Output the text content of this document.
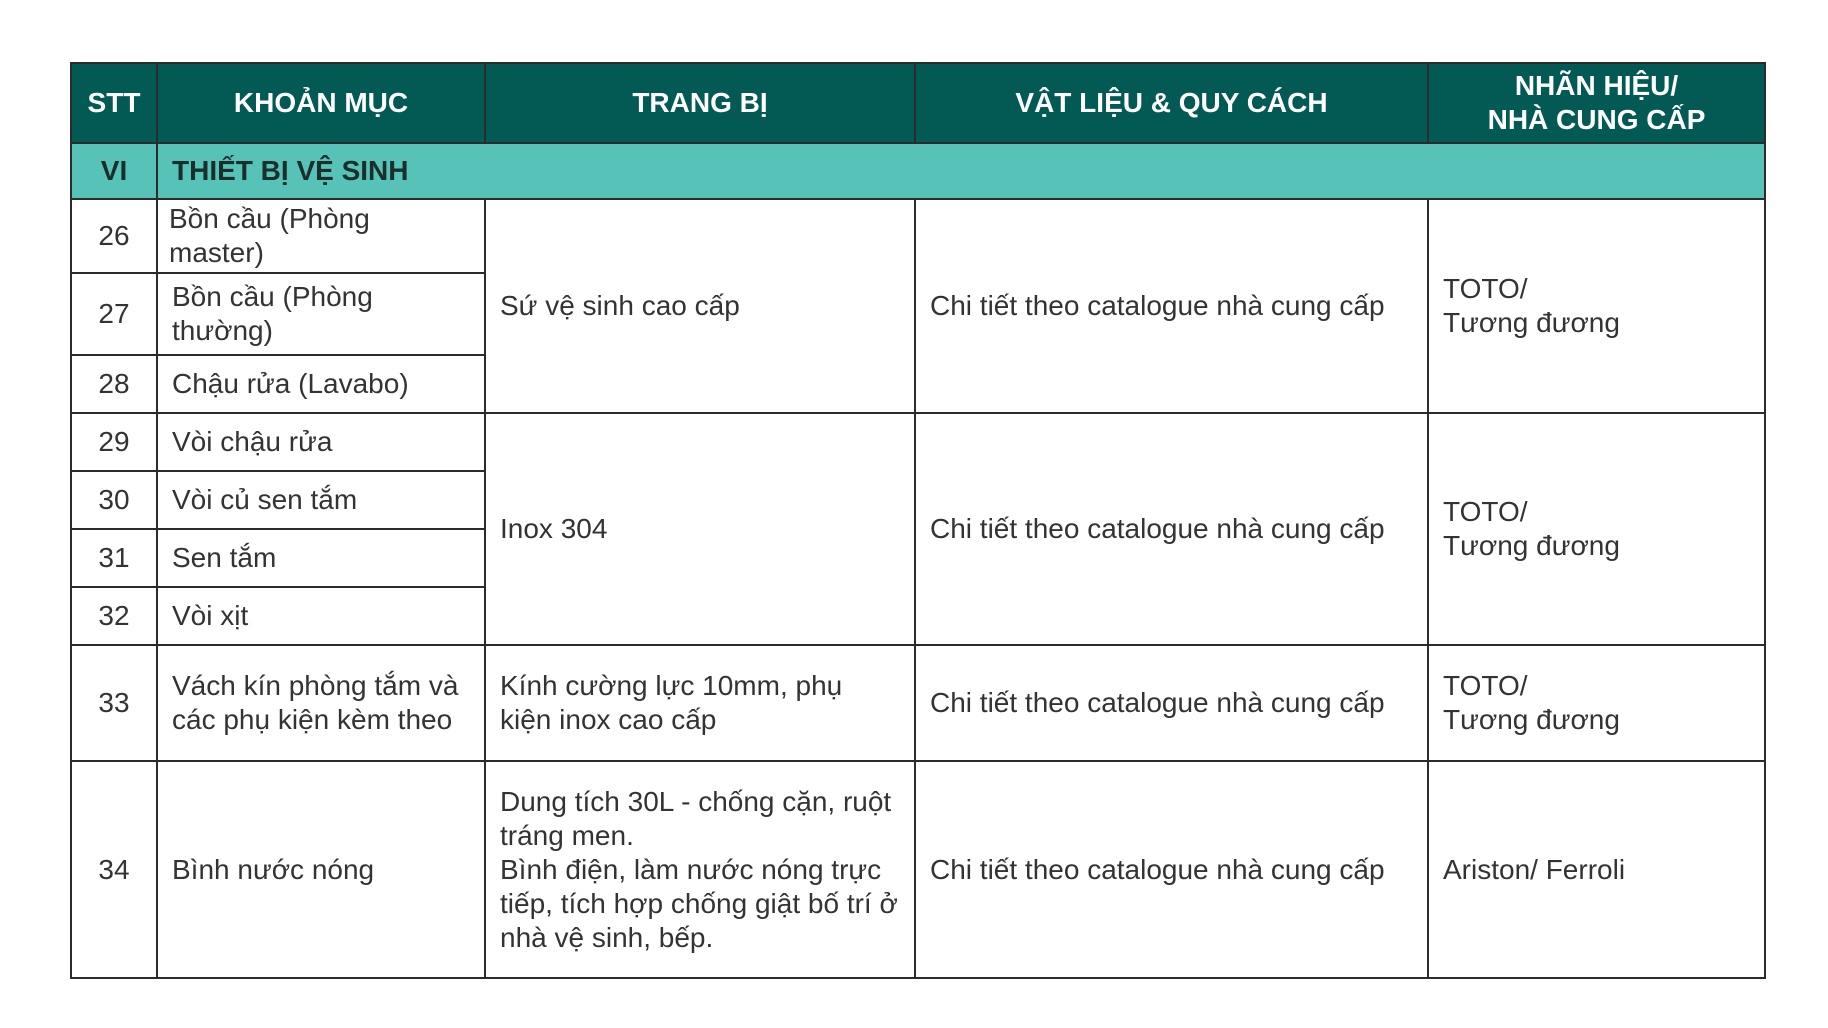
STT	KHOẢN MỤC	TRANG BỊ	VẬT LIỆU & QUY CÁCH	NHÃN HIỆU/
NHÀ CUNG CẤP
VI	THIẾT BỊ VỆ SINH			
26	Bồn cầu (Phòng master)	Sứ vệ sinh cao cấp	Chi tiết theo catalogue nhà cung cấp	TOTO/
Tương đương
27	Bồn cầu (Phòng thường)			
28	Chậu rửa (Lavabo)			
29	Vòi chậu rửa	Inox 304	Chi tiết theo catalogue nhà cung cấp	TOTO/
Tương đương
30	Vòi củ sen tắm			
31	Sen tắm			
32	Vòi xịt			
33	Vách kín phòng tắm và các phụ kiện kèm theo	Kính cường lực 10mm, phụ kiện inox cao cấp	Chi tiết theo catalogue nhà cung cấp	TOTO/
Tương đương
34	Bình nước nóng	Dung tích 30L - chống cặn, ruột tráng men.
Bình điện, làm nước nóng trực tiếp, tích hợp chống giật bố trí ở nhà vệ sinh, bếp.	Chi tiết theo catalogue nhà cung cấp	Ariston/ Ferroli
